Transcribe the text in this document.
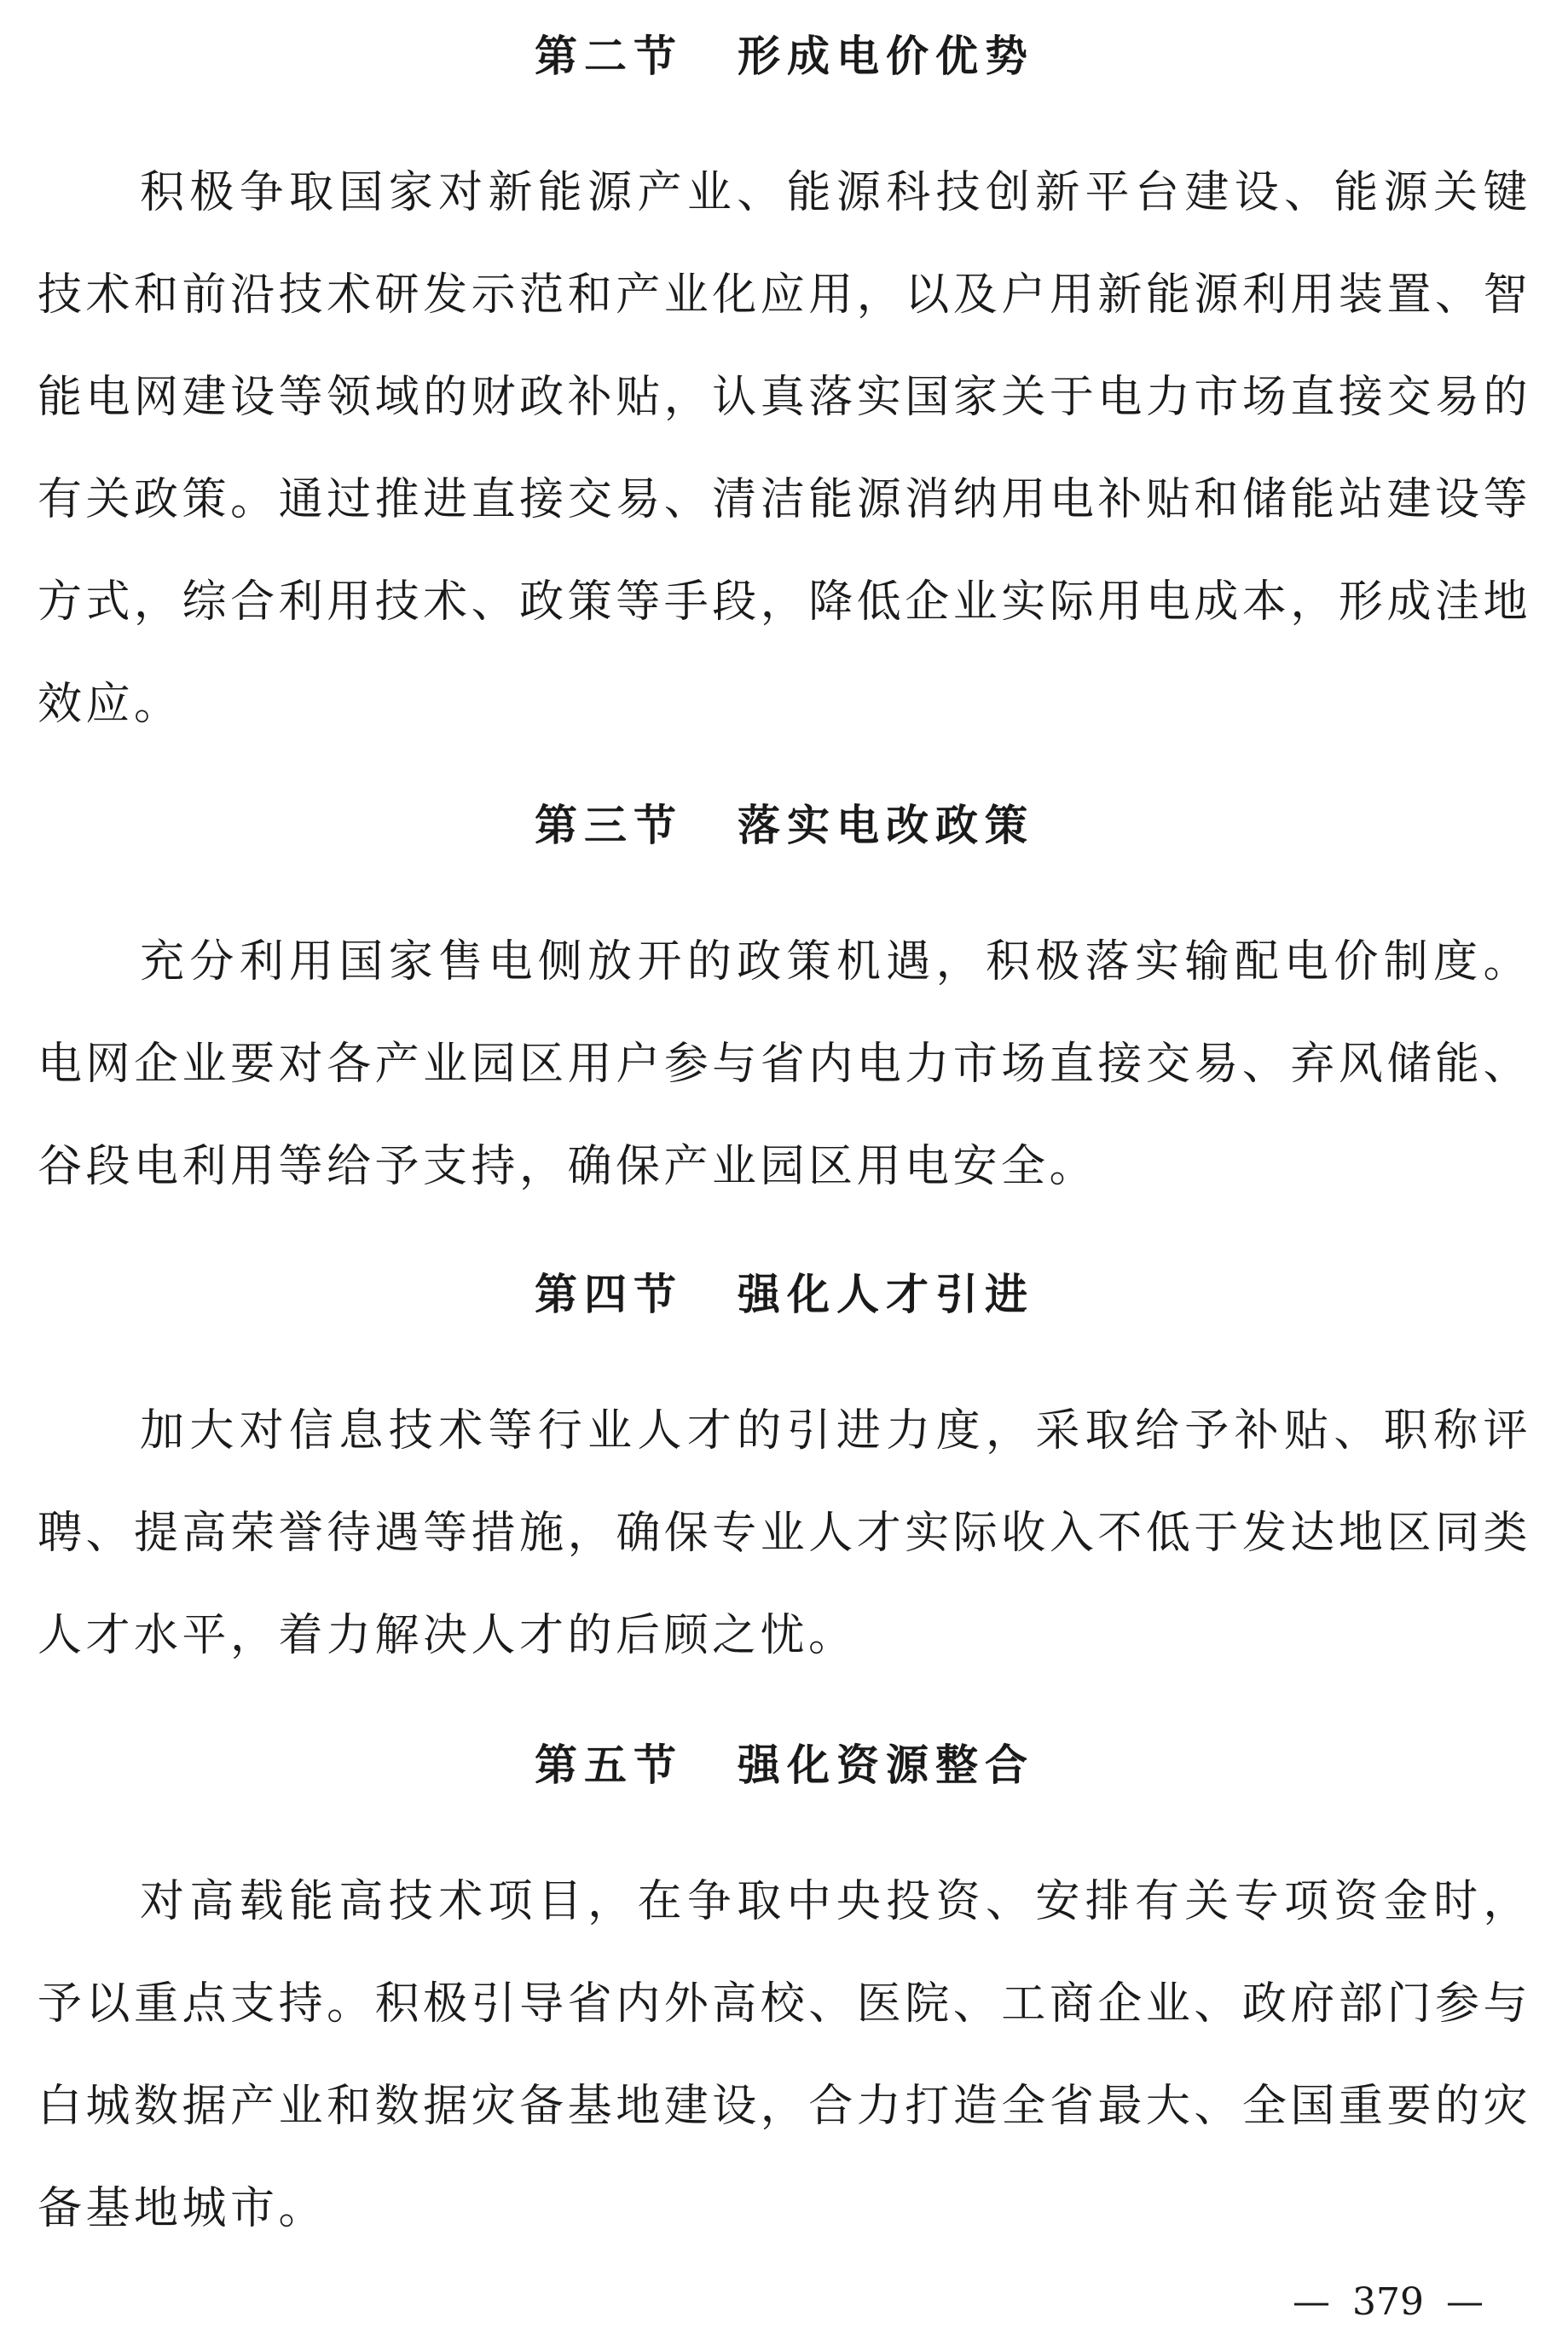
第二节 形成电价优势

积极争取国家对新能源产业、能源科技创新平台建设、能源关键技术和前沿技术研发示范和产业化应用，以及户用新能源利用装置、智能电网建设等领域的财政补贴，认真落实国家关于电力市场直接交易的有关政策。通过推进直接交易、清洁能源消纳用电补贴和储能站建设等方式，综合利用技术、政策等手段，降低企业实际用电成本，形成洼地效应。

第三节 落实电改政策

充分利用国家售电侧放开的政策机遇，积极落实输配电价制度。电网企业要对各产业园区用户参与省内电力市场直接交易、弃风储能、谷段电利用等给予支持，确保产业园区用电安全。

第四节 强化人才引进

加大对信息技术等行业人才的引进力度，采取给予补贴、职称评聘、提高荣誉待遇等措施，确保专业人才实际收入不低于发达地区同类人才水平，着力解决人才的后顾之忧。

第五节 强化资源整合

对高载能高技术项目，在争取中央投资、安排有关专项资金时，予以重点支持。积极引导省内外高校、医院、工商企业、政府部门参与白城数据产业和数据灾备基地建设，合力打造全省最大、全国重要的灾备基地城市。

— 379 —
